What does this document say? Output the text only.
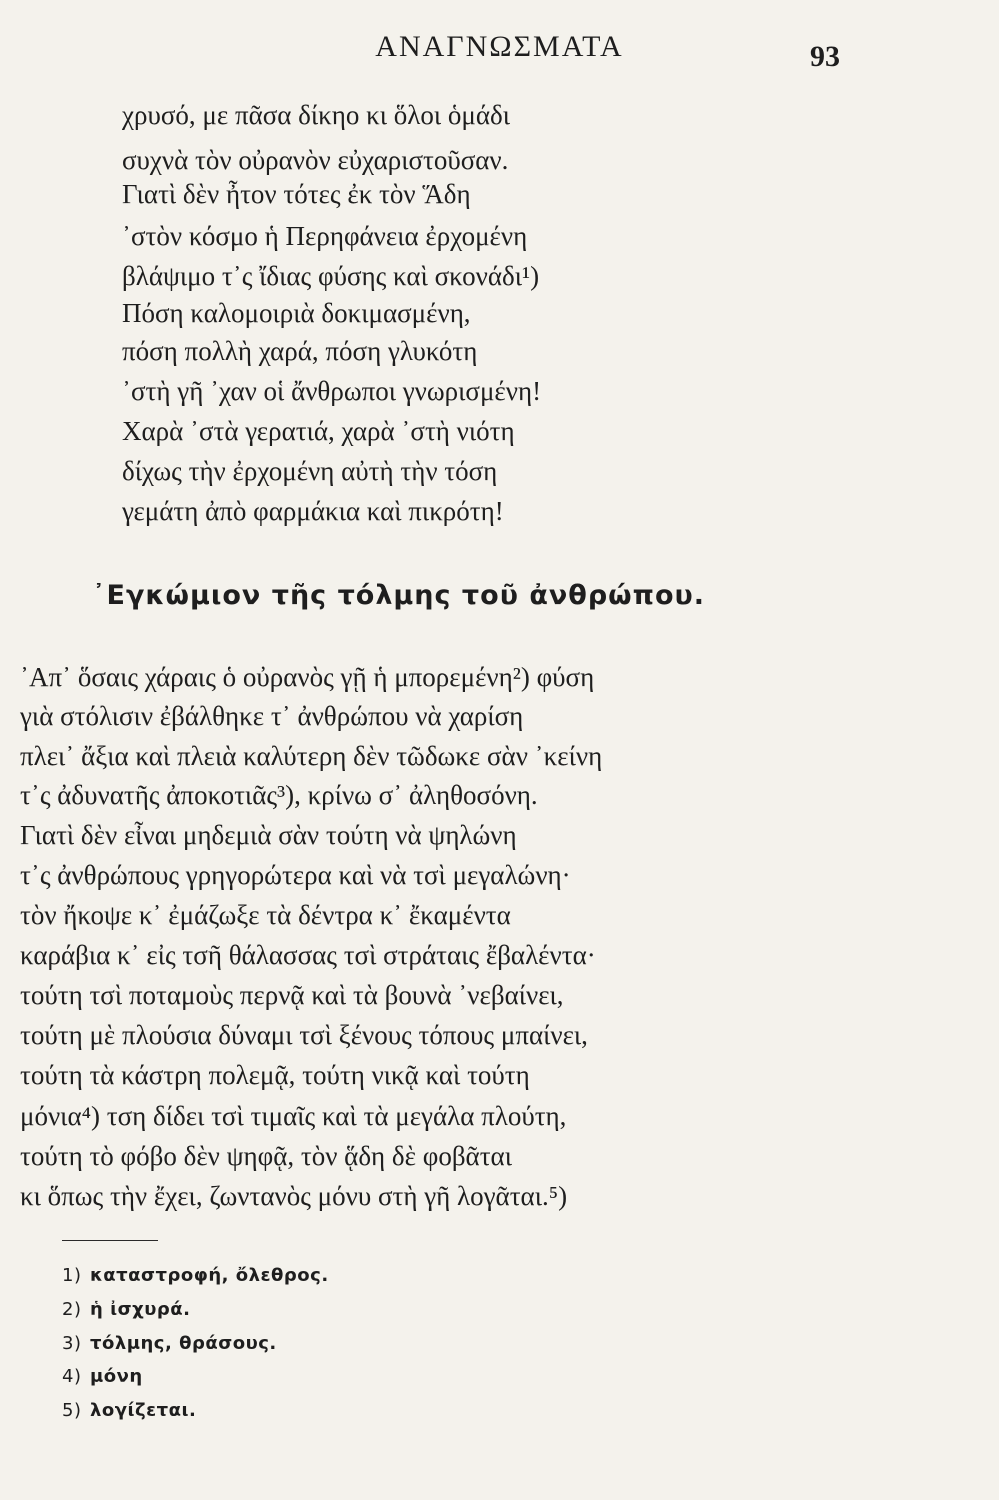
ΑΝΑΓΝΩΣΜΑΤΑ	93
χρυσό, με πᾶσα δίκηο κι ὅλοι ὁμάδι
συχνὰ τὸν οὐρανὸν εὐχαριστοῦσαν.
Γιατὶ δὲν ἦτον τότες ἐκ τὸν Ἅδη
᾿στὸν κόσμο ἡ Περηφάνεια ἐρχομένη
βλάψιμο τ᾽ς ἴδιας φύσης καὶ σκονάδι¹)
Πόση καλομοιριὰ δοκιμασμένη,
πόση πολλὴ χαρά, πόση γλυκότη
᾿στὴ γῆ ᾿χαν οἱ ἄνθρωποι γνωρισμένη!
Χαρὰ ᾿στὰ γερατιά, χαρὰ ᾿στὴ νιότη
δίχως τὴν ἐρχομένη αὐτὴ τὴν τόση
γεμάτη ἀπὸ φαρμάκια καὶ πικρότη!
᾿Εγκώμιον τῆς τόλμης τοῦ ἀνθρώπου.
᾿Απ᾽ ὅσαις χάραις ὁ οὐρανὸς γῇ ἡ μπορεμένη²) φύση
γιὰ στόλισιν ἐβάλθηκε τ᾽ ἀνθρώπου νὰ χαρίση
πλει᾽ ἄξια καὶ πλειὰ καλύτερη δὲν τῶδωκε σὰν ᾿κείνη
τ᾽ς ἀδυνατῆς ἀποκοτιᾶς³), κρίνω σ᾽ ἀληθοσόνη.
Γιατὶ δὲν εἶναι μηδεμιὰ σὰν τούτη νὰ ψηλώνη
τ᾽ς ἀνθρώπους γρηγορώτερα καὶ νὰ τσὶ μεγαλώνη·
τὸν ἤκοψε κ᾽ ἐμάζωξε τὰ δέντρα κ᾽ ἔκαμέντα
καράβια κ᾽ εἰς τσῆ θάλασσας τσὶ στράταις ἔβαλέντα·
τούτη τσὶ ποταμοὺς περνᾷ καὶ τὰ βουνὰ ᾿νεβαίνει,
τούτη μὲ πλούσια δύναμι τσὶ ξένους τόπους μπαίνει,
τούτη τὰ κάστρη πολεμᾷ, τούτη νικᾷ καὶ τούτη
μόνια⁴) τση δίδει τσὶ τιμαῖς καὶ τὰ μεγάλα πλούτη,
τούτη τὸ φόβο δὲν ψηφᾷ, τὸν ᾅδη δὲ φοβᾶται
κι ὅπως τὴν ἔχει, ζωντανὸς μόνυ στὴ γῆ λογᾶται.⁵)
1) καταστροφή, ὄλεθρος.
2) ἡ ἰσχυρά.
3) τόλμης, θράσους.
4) μόνη
5) λογίζεται.
